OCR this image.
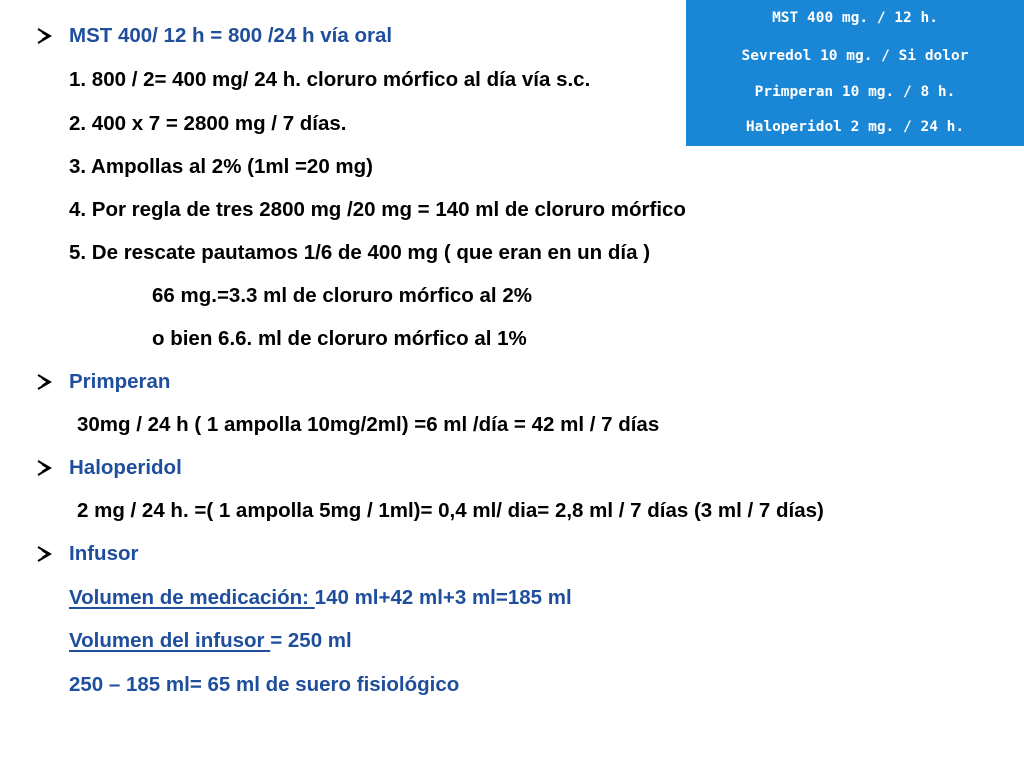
MST 400/ 12 h = 800 /24 h vía oral
1. 800 / 2= 400 mg/ 24 h. cloruro mórfico al día vía s.c.
2. 400 x 7 = 2800 mg / 7 días.
3. Ampollas al 2% (1ml =20 mg)
4. Por regla de tres 2800 mg /20 mg = 140 ml de cloruro mórfico
5. De rescate pautamos 1/6 de 400 mg ( que eran en un día )
66 mg.=3.3 ml de cloruro mórfico al 2%
o bien 6.6. ml de cloruro mórfico al 1%
Primperan
30mg / 24 h ( 1 ampolla 10mg/2ml) =6 ml /día = 42 ml / 7 días
Haloperidol
2 mg / 24 h. =( 1 ampolla 5mg / 1ml)= 0,4 ml/ dia= 2,8 ml / 7 días (3 ml / 7 días)
Infusor
Volumen de medicación: 140 ml+42 ml+3 ml=185 ml
Volumen del infusor = 250 ml
250 – 185 ml= 65 ml de suero fisiológico
MST 400 mg. / 12 h.
Sevredol 10 mg. / Si dolor
Primperan 10 mg. / 8 h.
Haloperidol 2 mg. / 24 h.
